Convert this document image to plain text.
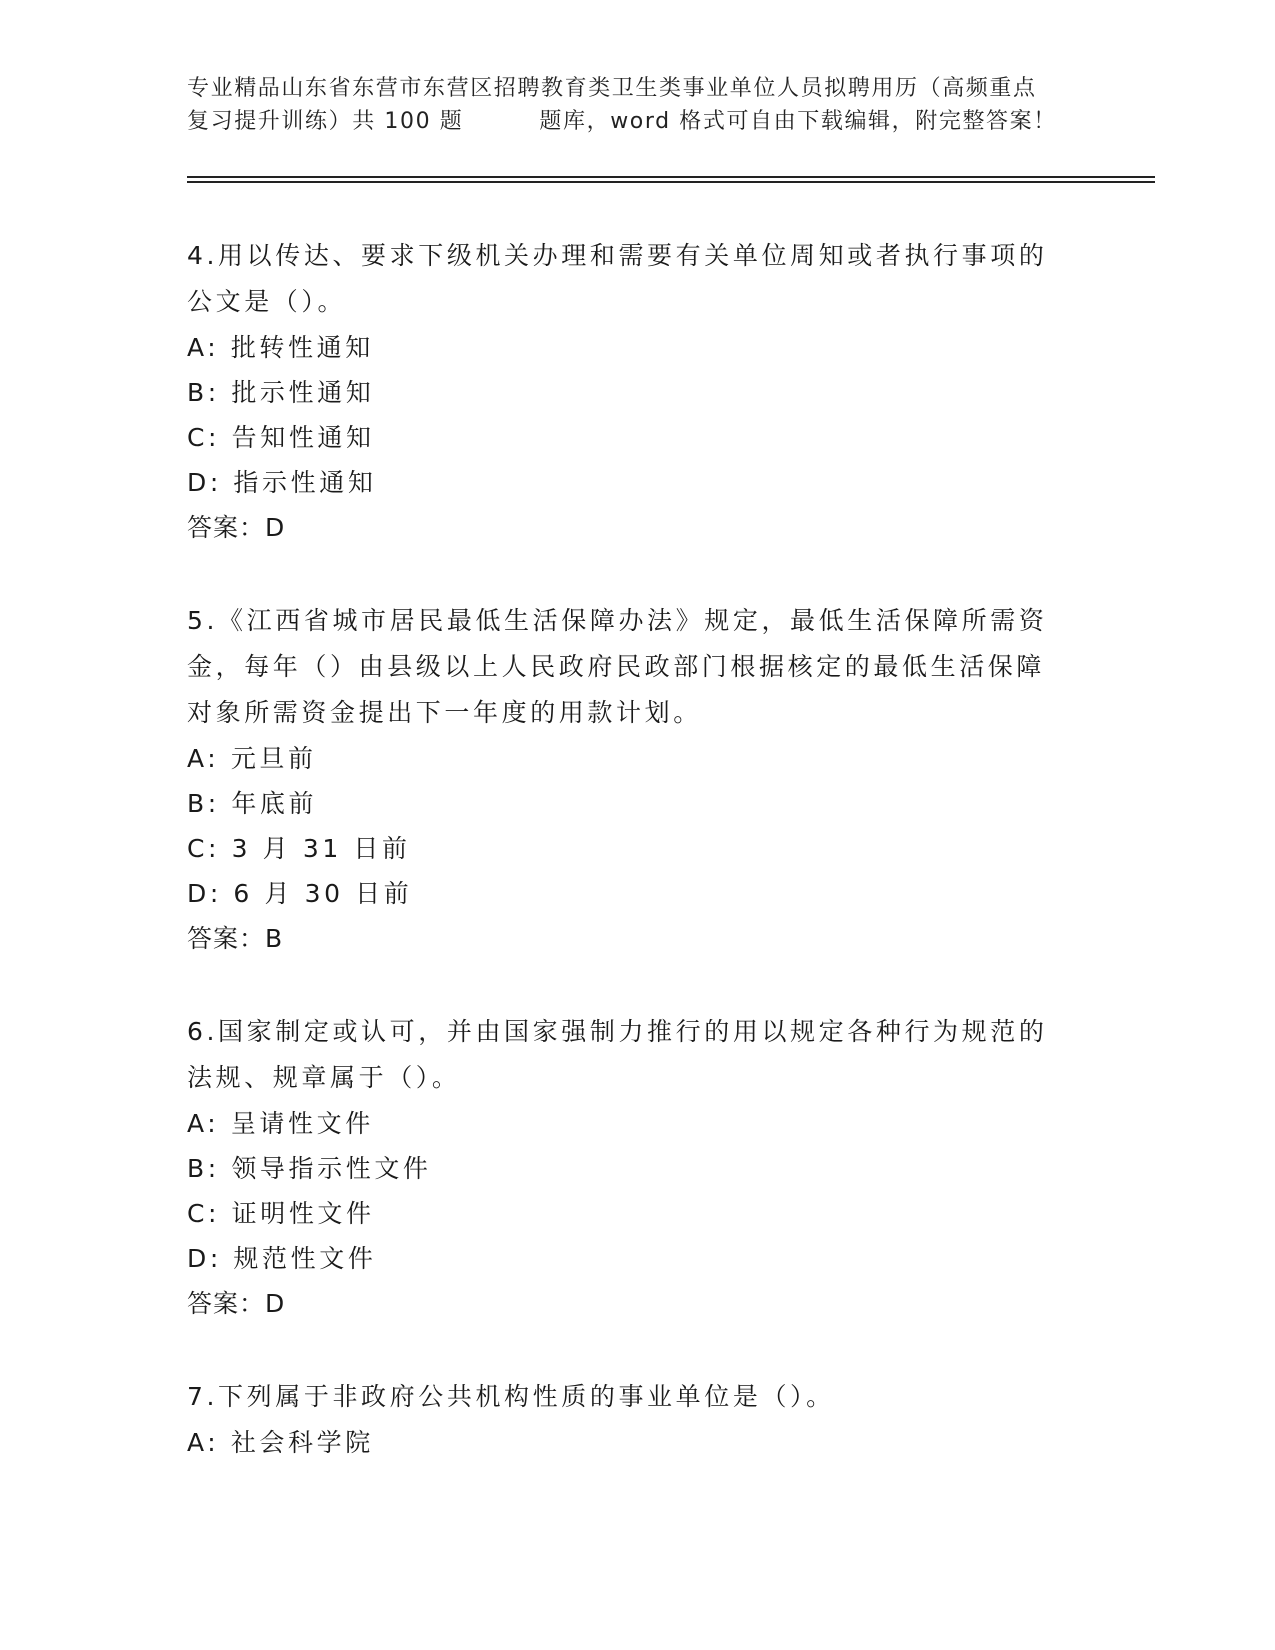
专业精品山东省东营市东营区招聘教育类卫生类事业单位人员拟聘用历（高频重点
复习提升训练）共 100 题	题库，word 格式可自由下载编辑，附完整答案！

4.用以传达、要求下级机关办理和需要有关单位周知或者执行事项的

公文是（）。

A: 批转性通知

B: 批示性通知

C: 告知性通知

D: 指示性通知

答案：D

5.《江西省城市居民最低生活保障办法》规定，最低生活保障所需资

金，每年（）由县级以上人民政府民政部门根据核定的最低生活保障

对象所需资金提出下一年度的用款计划。

A: 元旦前

B: 年底前

C: 3 月 31 日前

D: 6 月 30 日前

答案：B

6.国家制定或认可，并由国家强制力推行的用以规定各种行为规范的

法规、规章属于（）。

A: 呈请性文件

B: 领导指示性文件

C: 证明性文件

D: 规范性文件

答案：D

7.下列属于非政府公共机构性质的事业单位是（）。

A: 社会科学院
